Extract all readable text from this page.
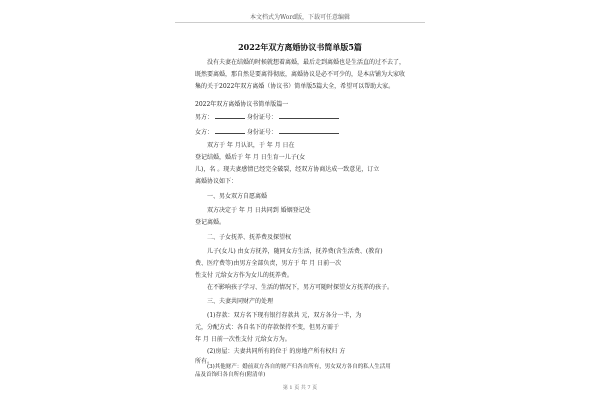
本文档式为Word版，下载可任意编辑
2022年双方离婚协议书简单版5篇
没有夫妻在结婚的时候就想着离婚，最后走到离婚也是生活直的过不去了，
既然要离婚，那自然是要离得彻底，离婚协议是必不可少的，是本店铺为大家收
集的关于2022年双方离婚（协议书）简单版5篇大全，希望可以帮助大家。
2022年双方离婚协议书简单版篇一
男方：	身份证号：
女方：	身份证号：
双方于 年 月认识，于 年 月 日在
登记结婚，婚后于 年 月 日生育一儿子(女
儿)，名 。现夫妻感情已经完全破裂，经双方协商达成一致意见，订立
离婚协议如下：
一、男女双方自愿离婚
双方决定于 年 月 日共同到 婚姻登记处
登记离婚。
二、子女抚养、抚养费及探望权
儿子(女儿) 由女方抚养，随同女方生活，抚养费(含生活费、(教育)
费、医疗费等)由男方全部负责，男方于 年 月 日前一次
性支付 元给女方作为女儿的抚养费。
在不影响孩子学习、生活的情况下，男方可随时探望女方抚养的孩子。
三、夫妻共同财产的处理
(1)存款：双方名下现有银行存款共 元，双方各分一半，为
元，分配方式：各自名下的存款保持不变，但男方需于
年 月 日前一次性支付 元给女方为。
(2)房屋：夫妻共同所有的位于 的房地产所有权归 方
所有。
(3)其他财产：婚前双方各自的财产归各自所有，男女双方各自的私人生活用
品及首饰归各自所有(附清单)
第 1 页 共 7 页
